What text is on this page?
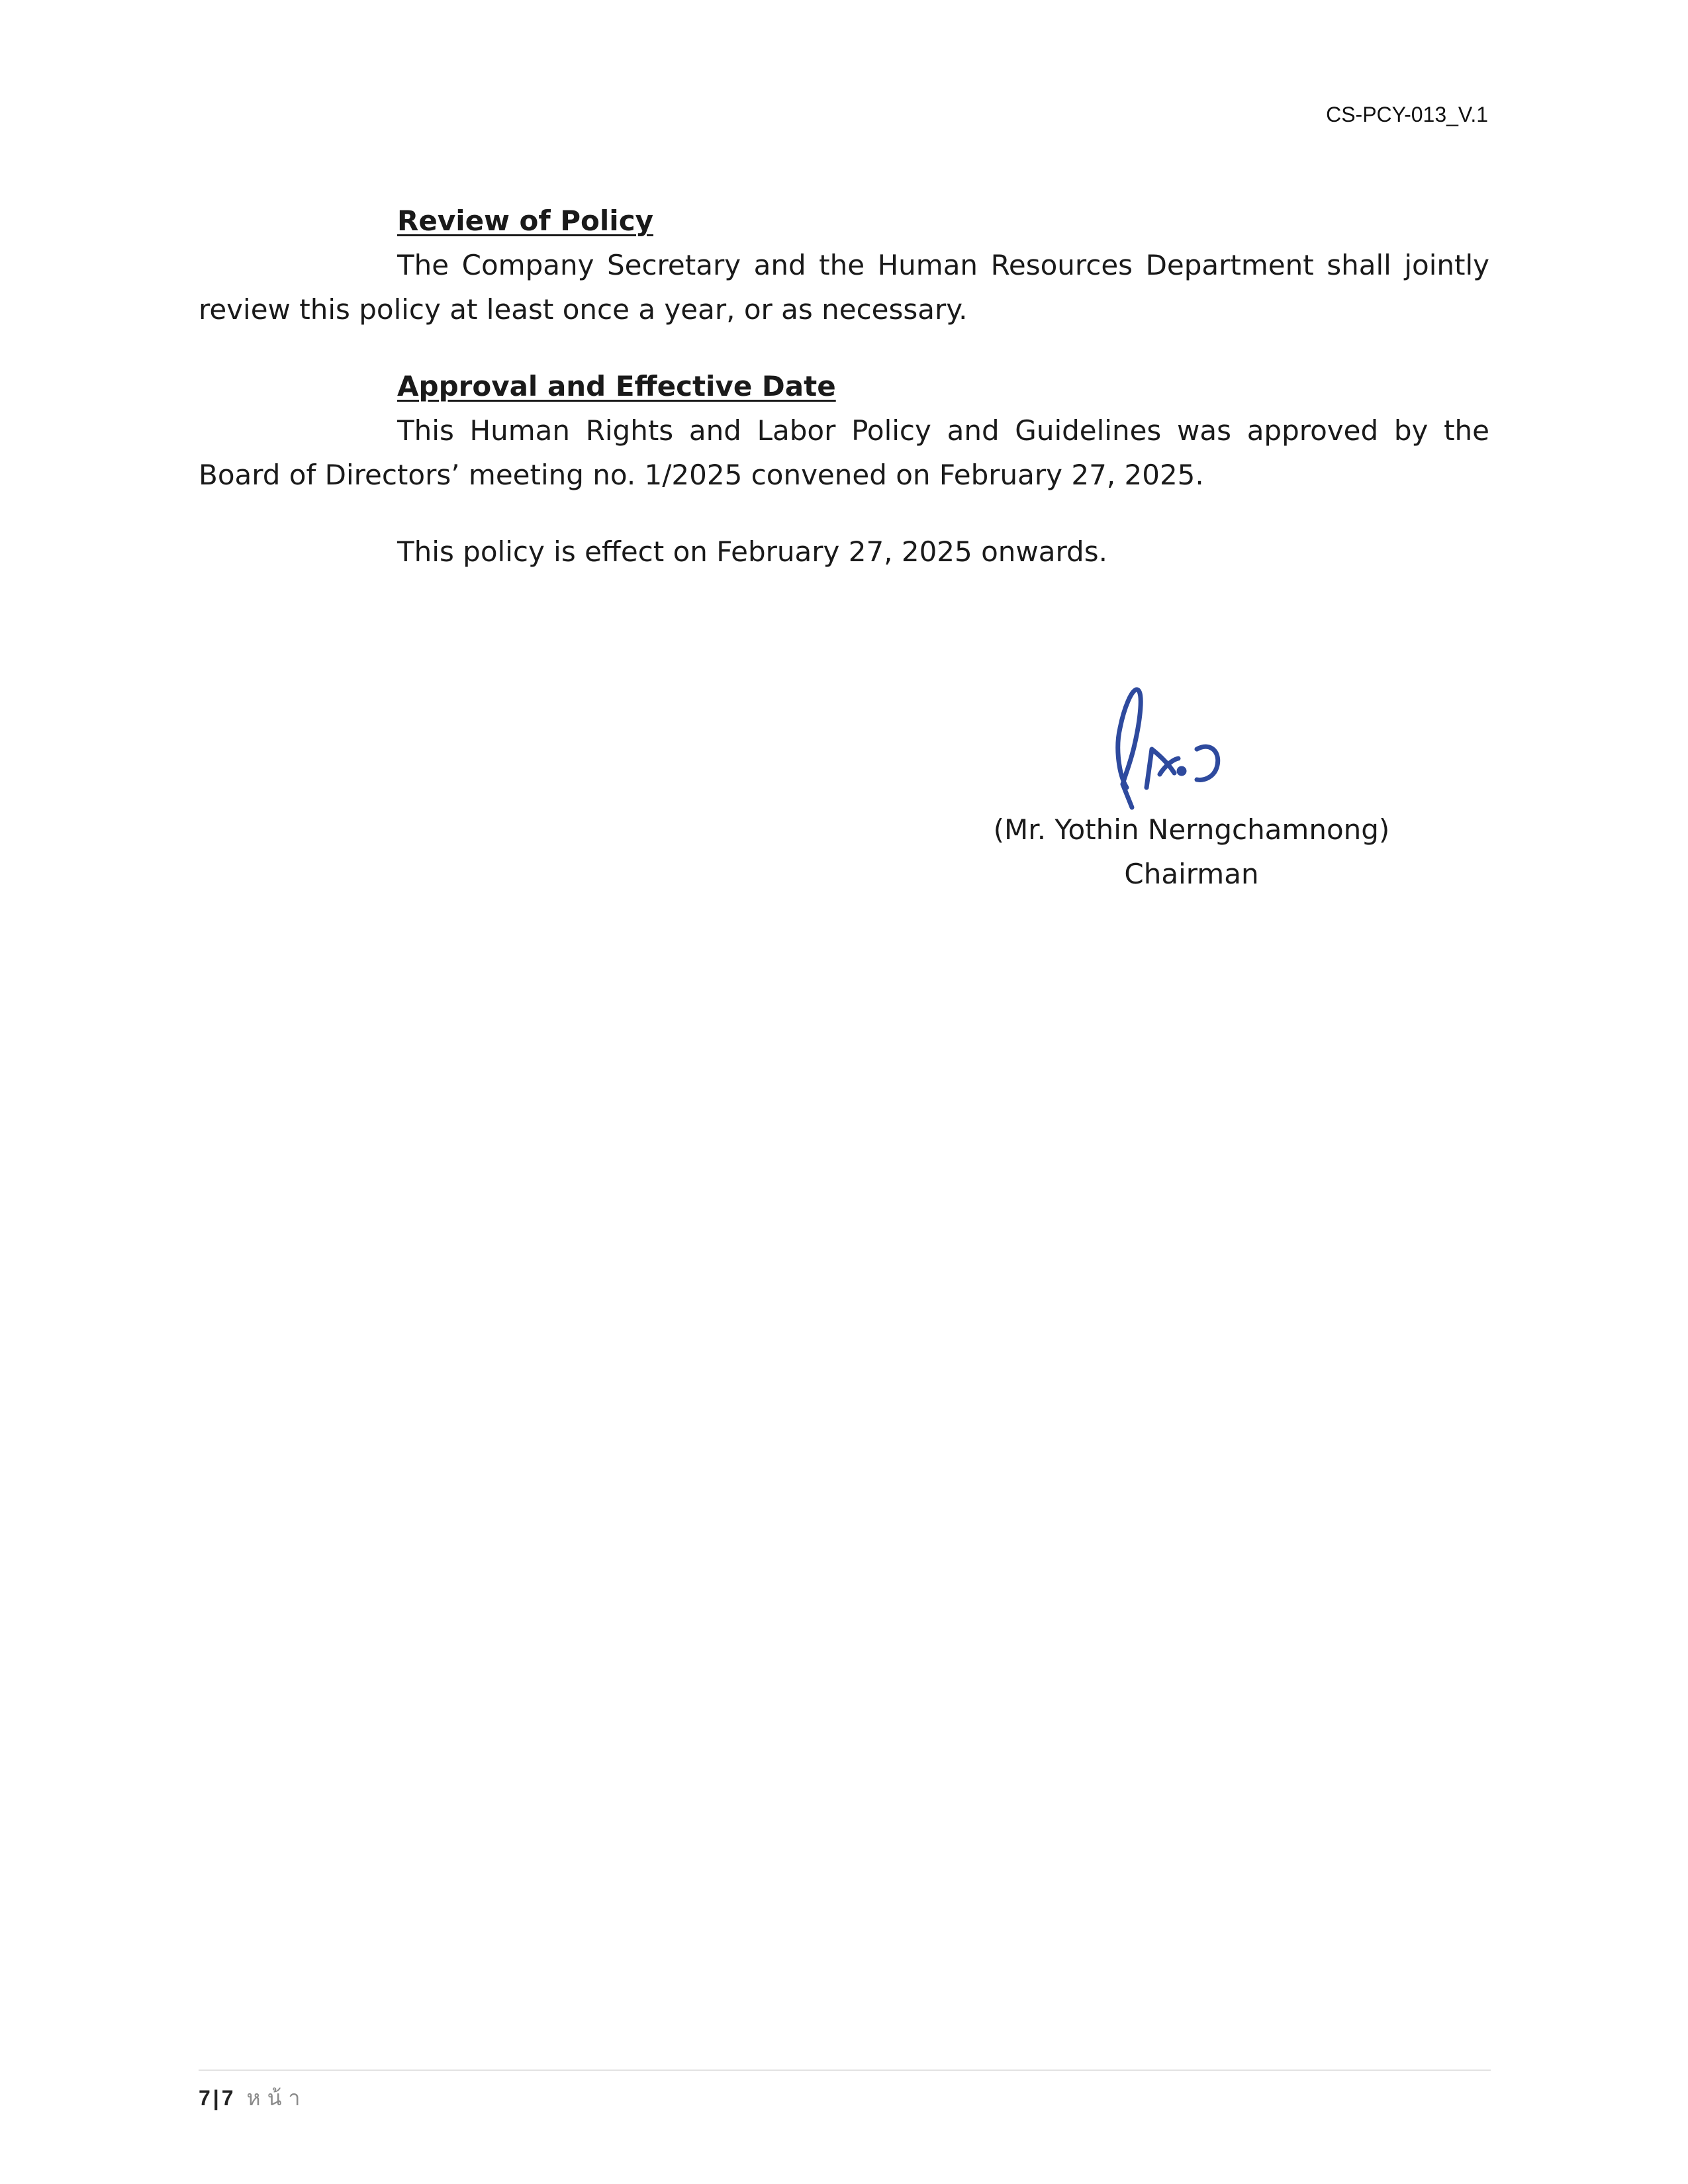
CS-PCY-013_V.1

Review of Policy

The Company Secretary and the Human Resources Department shall jointly review this policy at least once a year, or as necessary.

Approval and Effective Date

This Human Rights and Labor Policy and Guidelines was approved by the Board of Directors’ meeting no. 1/2025 convened on February 27, 2025.

This policy is effect on February 27, 2025 onwards.

(Mr. Yothin Nerngchamnong)
Chairman
7|7 หน้า
